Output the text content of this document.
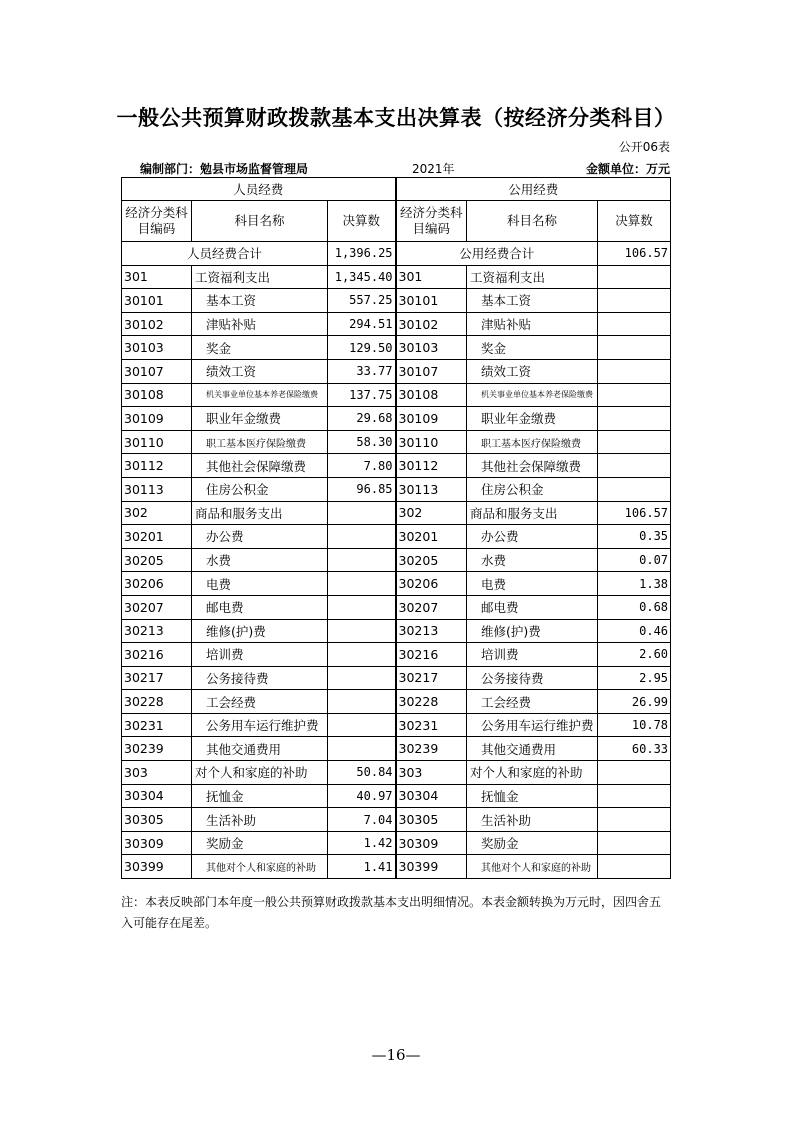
一般公共预算财政拨款基本支出决算表（按经济分类科目）
公开06表
编制部门：勉县市场监督管理局	2021年	金额单位：万元
人员经费			公用经费		
经济分类科目编码	科目名称	决算数	经济分类科目编码	科目名称	决算数
人员经费合计		1,396.25	公用经费合计		106.57
301	工资福利支出	1,345.40	301	工资福利支出	
30101	基本工资	557.25	30101	基本工资	
30102	津贴补贴	294.51	30102	津贴补贴	
30103	奖金	129.50	30103	奖金	
30107	绩效工资	33.77	30107	绩效工资	
30108	机关事业单位基本养老保险缴费	137.75	30108	机关事业单位基本养老保险缴费	
30109	职业年金缴费	29.68	30109	职业年金缴费	
30110	职工基本医疗保险缴费	58.30	30110	职工基本医疗保险缴费	
30112	其他社会保障缴费	7.80	30112	其他社会保障缴费	
30113	住房公积金	96.85	30113	住房公积金	
302	商品和服务支出		302	商品和服务支出	106.57
30201	办公费		30201	办公费	0.35
30205	水费		30205	水费	0.07
30206	电费		30206	电费	1.38
30207	邮电费		30207	邮电费	0.68
30213	维修(护)费		30213	维修(护)费	0.46
30216	培训费		30216	培训费	2.60
30217	公务接待费		30217	公务接待费	2.95
30228	工会经费		30228	工会经费	26.99
30231	公务用车运行维护费		30231	公务用车运行维护费	10.78
30239	其他交通费用		30239	其他交通费用	60.33
303	对个人和家庭的补助	50.84	303	对个人和家庭的补助	
30304	抚恤金	40.97	30304	抚恤金	
30305	生活补助	7.04	30305	生活补助	
30309	奖励金	1.42	30309	奖励金	
30399	其他对个人和家庭的补助	1.41	30399	其他对个人和家庭的补助	
注：本表反映部门本年度一般公共预算财政拨款基本支出明细情况。本表金额转换为万元时，因四舍五入可能存在尾差。
—16—
